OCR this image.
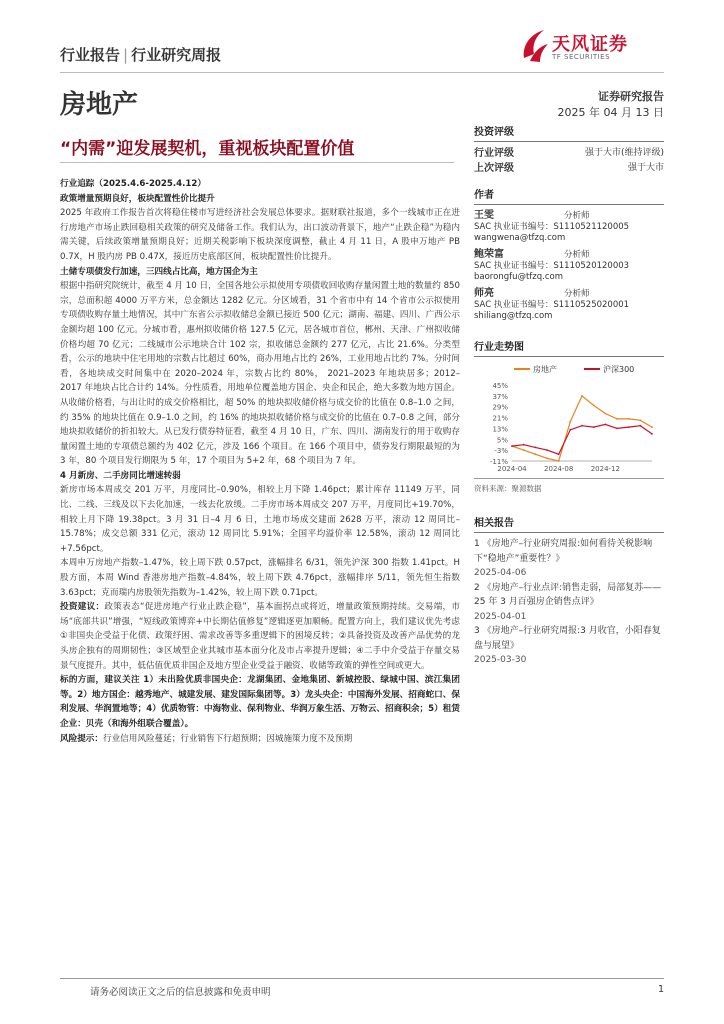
行业报告 | 行业研究周报	天风证券
TF SECURITIES
房地产	证券研究报告
2025 年 04 月 13 日
“内需”迎发展契机，重视板块配置价值

行业追踪（2025.4.6-2025.4.12）

政策增量预期良好，板块配置性价比提升

2025 年政府工作报告首次将稳住楼市写进经济社会发展总体要求。据财联社报道，多个一线城市正在进行房地产市场止跌回稳相关政策的研究及储备工作。我们认为，出口波动背景下，地产“止跌企稳”为稳内需关键，后续政策增量预期良好；近期关税影响下板块深度调整，截止 4 月 11 日，A 股申万地产 PB 0.7X，H 股内房 PB 0.47X，接近历史底部区间，板块配置性价比提升。

土储专项债发行加速，三四线占比高，地方国企为主

根据中指研究院统计，截至 4 月 10 日，全国各地公示拟使用专项债收回收购存量闲置土地的数量约 850 宗，总面积超 4000 万平方米，总金额达 1282 亿元。分区域看，31 个省市中有 14 个省市公示拟使用专项债收购存量土地情况，其中广东省公示拟收储总金额已接近 500 亿元；湖南、福建、四川、广西公示金额均超 100 亿元。分城市看，惠州拟收储价格 127.5 亿元，居各城市首位，郴州、天津、广州拟收储价格均超 70 亿元；二线城市公示地块合计 102 宗，拟收储总金额约 277 亿元，占比 21.6%。分类型看，公示的地块中住宅用地的宗数占比超过 60%，商办用地占比约 26%，工业用地占比约 7%。分时间看，各地块成交时间集中在 2020–2024 年，宗数占比约 80%， 2021–2023 年地块居多；2012–2017 年地块占比合计约 14%。分性质看，用地单位覆盖地方国企、央企和民企，绝大多数为地方国企。从收储价格看，与出让时的成交价格相比，超 50% 的地块拟收储价格与成交价的比值在 0.8–1.0 之间，约 35% 的地块比值在 0.9–1.0 之间，约 16% 的地块拟收储价格与成交价的比值在 0.7–0.8 之间，部分地块拟收储价的折扣较大。从已发行债券特征看，截至 4 月 10 日，广东、四川、湖南发行的用于收购存量闲置土地的专项债总额约为 402 亿元，涉及 166 个项目。在 166 个项目中，债券发行期限最短的为 3 年，80 个项目发行期限为 5 年，17 个项目为 5+2 年，68 个项目为 7 年。

4 月新房、二手房同比增速转弱

新房市场本周成交 201 万平，月度同比–0.90%，相较上月下降 1.46pct；累计库存 11149 万平，同比、二线、三线及以下去化加速，一线去化放缓。二手房市场本周成交 207 万平，月度同比+19.70%，相较上月下降 19.38pct。3 月 31 日–4 月 6 日，土地市场成交建面 2628 万平，滚动 12 周同比–15.78%；成交总额 331 亿元，滚动 12 周同比 5.91%；全国平均溢价率 12.58%，滚动 12 周同比+7.56pct。

本周申万房地产指数–1.47%，较上周下跌 0.57pct，涨幅排名 6/31，领先沪深 300 指数 1.41pct。H 股方面，本周 Wind 香港房地产指数–4.84%，较上周下跌 4.76pct，涨幅排序 5/11，领先恒生指数 3.63pct；克而瑞内房股领先指数为–1.42%，较上周下跌 0.71pct。

投资建议：政策表态“促进房地产行业止跌企稳”，基本面拐点或将近，增量政策预期持续。交易端，市场“底部共识”增强，“短线政策博弈+中长期估值修复”逻辑逐更加顺畅。配置方向上，我们建议优先考虑①非国央企受益于化债、政策纾困、需求改善等多重逻辑下的困境反转；②具备投资及改善产品优势的龙头房企独有的周期韧性；③区域型企业其城市基本面分化及市占率提升逻辑；④二手中介受益于存量交易景气度提升。其中，低估值优质非国企及地方型企业受益于融资、收储等政策的弹性空间或更大。

标的方面，建议关注 1）未出险优质非国央企：龙湖集团、金地集团、新城控股、绿城中国、滨江集团等。2）地方国企：越秀地产、城建发展、建发国际集团等。3）龙头央企：中国海外发展、招商蛇口、保利发展、华润置地等；4）优质物管：中海物业、保利物业、华润万象生活、万物云、招商积余；5）租赁企业：贝壳（和海外组联合覆盖）。

风险提示：行业信用风险蔓延；行业销售下行超预期；因城施策力度不及预期

投资评级
行业评级	强于大市(维持评级)
上次评级	强于大市
作者
王雯	分析师
SAC 执业证书编号：S1110521120005
wangwena@tfzq.com
鲍荣富	分析师
SAC 执业证书编号：S1110520120003
baorongfu@tfzq.com
师亮	分析师
SAC 执业证书编号：S1110525020001
shiliang@tfzq.com
行业走势图
房地产	沪深300
45%
37%
29%
21%
13%
5%
-3%
-11%
2024-04 2024-08 2024-12
资料来源：聚源数据
相关报告
1 《房地产–行业研究周报:如何看待关税影响下“稳地产”重要性？》
2025-04-06
2 《房地产–行业点评:销售走弱，局部复苏——25 年 3 月百强房企销售点评》
2025-04-01
3 《房地产–行业研究周报:3 月收官，小阳春复盘与展望》
2025-03-30
请务必阅读正文之后的信息披露和免责申明	1
